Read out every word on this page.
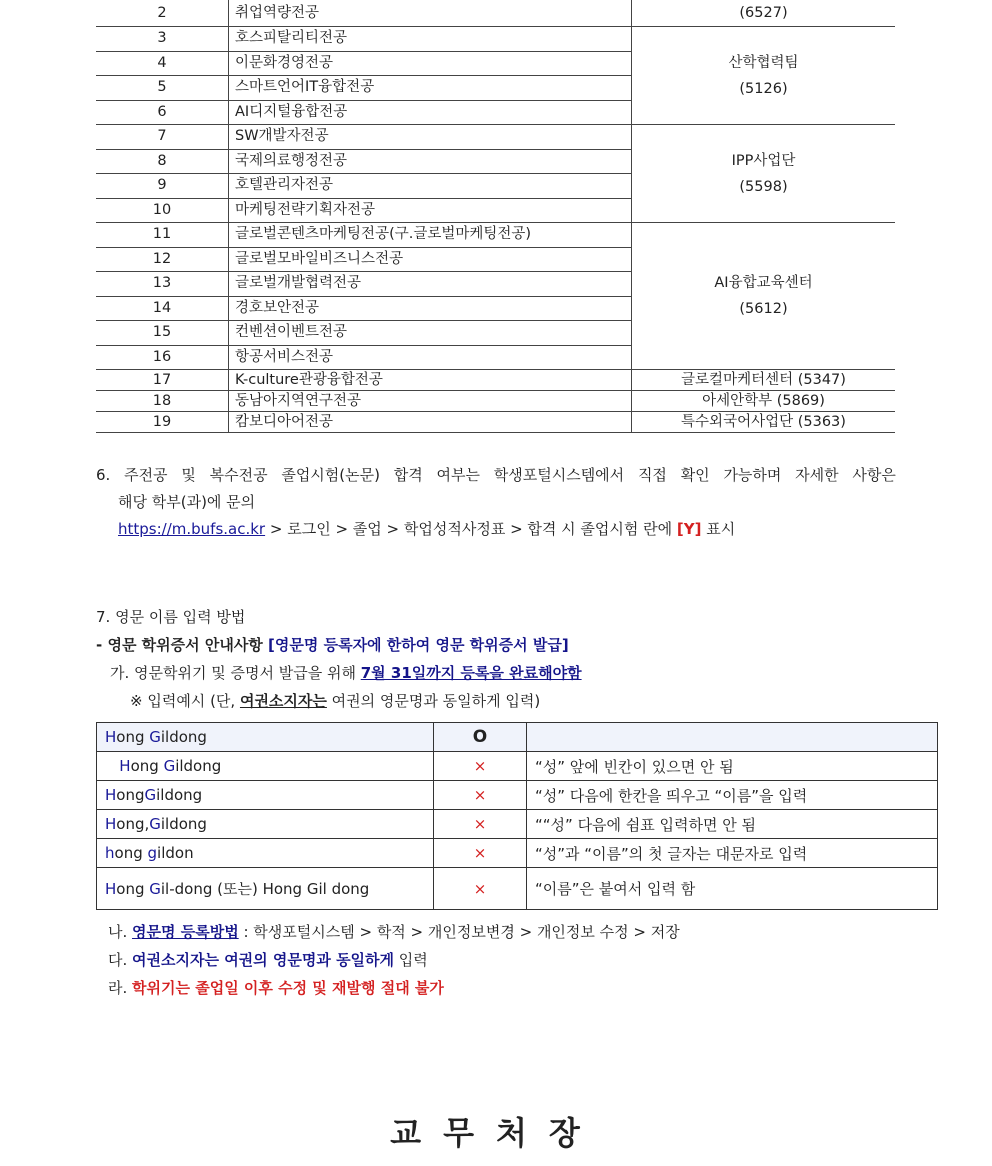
2	취업역량전공	(6527)

3	호스피탈리티전공	산학협력팀
(5126)

4	이문화경영전공	
5	스마트언어IT융합전공	
6	AI디지털융합전공	
7	SW개발자전공	IPP사업단
(5598)

8	국제의료행정전공	
9	호텔관리자전공	
10	마케팅전략기획자전공	
11	글로벌콘텐츠마케팅전공(구.글로벌마케팅전공)	AI융합교육센터
(5612)

12	글로벌모바일비즈니스전공	
13	글로벌개발협력전공	
14	경호보안전공	
15	컨벤션이벤트전공	
16	항공서비스전공	
17	K-culture관광융합전공	글로컬마케터센터 (5347)

18	동남아지역연구전공	아세안학부 (5869)

19	캄보디아어전공	특수외국어사업단 (5363)
6. 주전공 및 복수전공 졸업시험(논문) 합격 여부는 학생포털시스템에서 직접 확인 가능하며 자세한 사항은
해당 학부(과)에 문의
https://m.bufs.ac.kr > 로그인 > 졸업 > 학업성적사정표 > 합격 시 졸업시험 란에 [Y] 표시
7. 영문 이름 입력 방법
- 영문 학위증서 안내사항 [영문명 등록자에 한하여 영문 학위증서 발급]
가. 영문학위기 및 증명서 발급을 위해 7월 31일까지 등록을 완료해야함
※ 입력예시 (단, 여권소지자는 여권의 영문명과 동일하게 입력)
Hong Gildong	O	
Hong Gildong	×	“성” 앞에 빈칸이 있으면 안 됨
HongGildong	×	“성” 다음에 한칸을 띄우고 “이름”을 입력
Hong,Gildong	×	““성” 다음에 쉼표 입력하면 안 됨
hong gildon	×	“성”과 “이름”의 첫 글자는 대문자로 입력
Hong Gil-dong (또는) Hong Gil dong	×	“이름”은 붙여서 입력 함
나. 영문명 등록방법 : 학생포털시스템 > 학적 > 개인정보변경 > 개인정보 수정 > 저장
다. 여권소지자는 여권의 영문명과 동일하게 입력
라. 학위기는 졸업일 이후 수정 및 재발행 절대 불가
교무처장
